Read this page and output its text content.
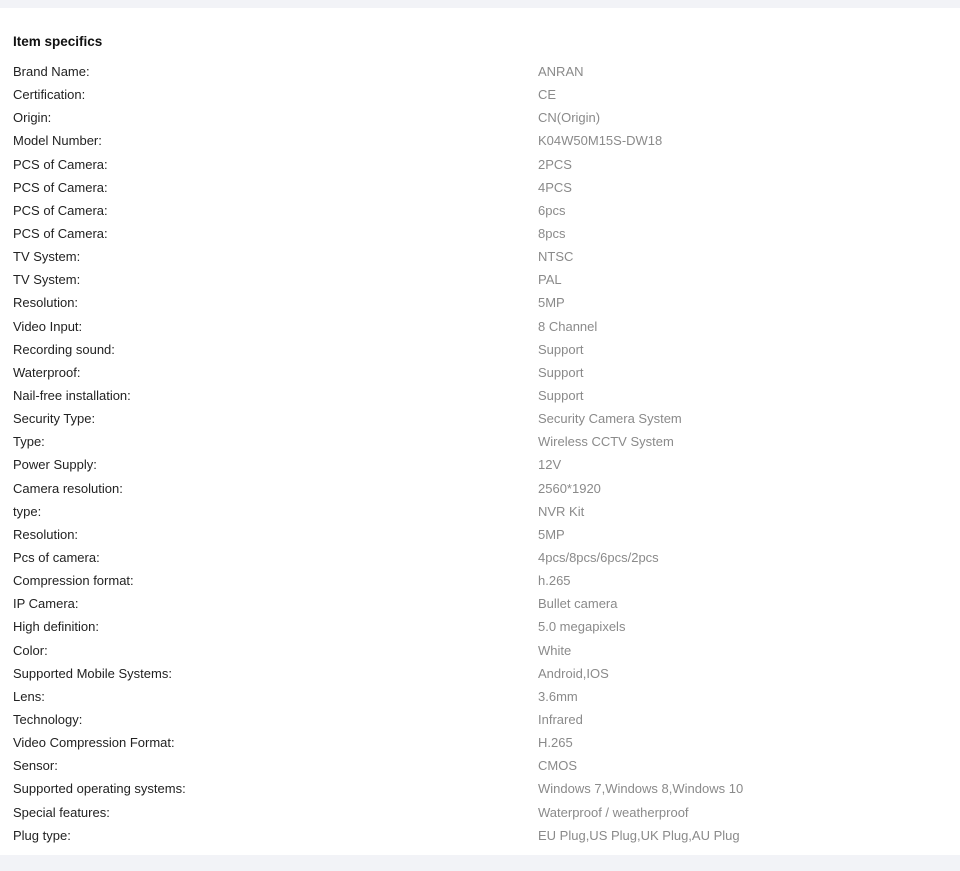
Item specifics
Brand Name:	ANRAN
Certification:	CE
Origin:	CN(Origin)
Model Number:	K04W50M15S-DW18
PCS of Camera:	2PCS
PCS of Camera:	4PCS
PCS of Camera:	6pcs
PCS of Camera:	8pcs
TV System:	NTSC
TV System:	PAL
Resolution:	5MP
Video Input:	8 Channel
Recording sound:	Support
Waterproof:	Support
Nail-free installation:	Support
Security Type:	Security Camera System
Type:	Wireless CCTV System
Power Supply:	12V
Camera resolution:	2560*1920
type:	NVR Kit
Resolution:	5MP
Pcs of camera:	4pcs/8pcs/6pcs/2pcs
Compression format:	h.265
IP Camera:	Bullet camera
High definition:	5.0 megapixels
Color:	White
Supported Mobile Systems:	Android,IOS
Lens:	3.6mm
Technology:	Infrared
Video Compression Format:	H.265
Sensor:	CMOS
Supported operating systems:	Windows 7,Windows 8,Windows 10
Special features:	Waterproof / weatherproof
Plug type:	EU Plug,US Plug,UK Plug,AU Plug
